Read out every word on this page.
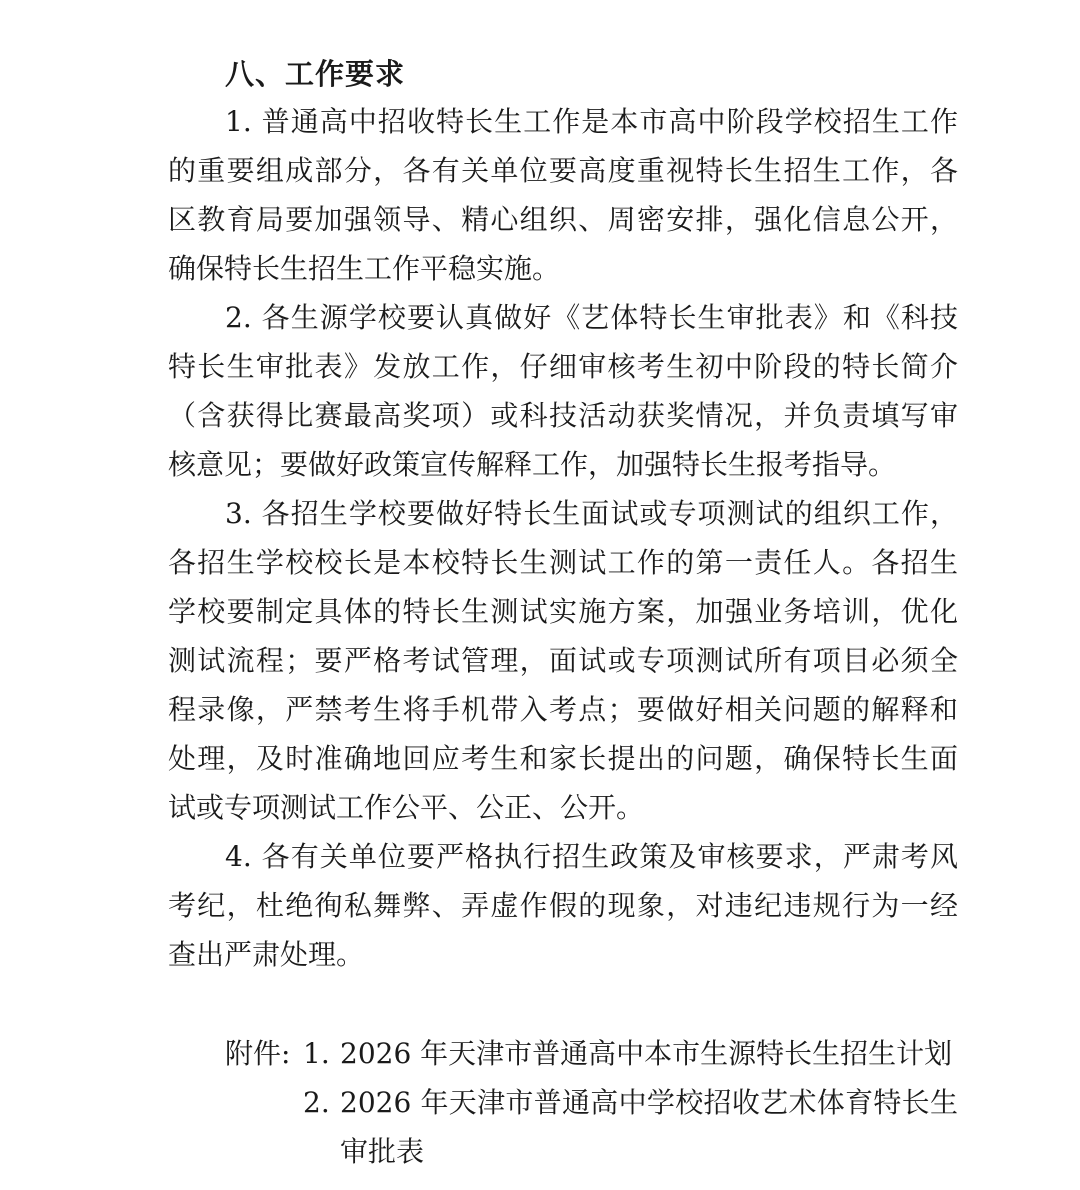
八、工作要求
1. 普通高中招收特长生工作是本市高中阶段学校招生工作
的重要组成部分，各有关单位要高度重视特长生招生工作，各
区教育局要加强领导、精心组织、周密安排，强化信息公开，
确保特长生招生工作平稳实施。
2. 各生源学校要认真做好《艺体特长生审批表》和《科技
特长生审批表》发放工作，仔细审核考生初中阶段的特长简介
（含获得比赛最高奖项）或科技活动获奖情况，并负责填写审
核意见；要做好政策宣传解释工作，加强特长生报考指导。
3. 各招生学校要做好特长生面试或专项测试的组织工作，
各招生学校校长是本校特长生测试工作的第一责任人。各招生
学校要制定具体的特长生测试实施方案，加强业务培训，优化
测试流程；要严格考试管理，面试或专项测试所有项目必须全
程录像，严禁考生将手机带入考点；要做好相关问题的解释和
处理，及时准确地回应考生和家长提出的问题，确保特长生面
试或专项测试工作公平、公正、公开。
4. 各有关单位要严格执行招生政策及审核要求，严肃考风
考纪，杜绝徇私舞弊、弄虚作假的现象，对违纪违规行为一经
查出严肃处理。
附件: 1. 2026 年天津市普通高中本市生源特长生招生计划
2. 2026 年天津市普通高中学校招收艺术体育特长生
审批表
